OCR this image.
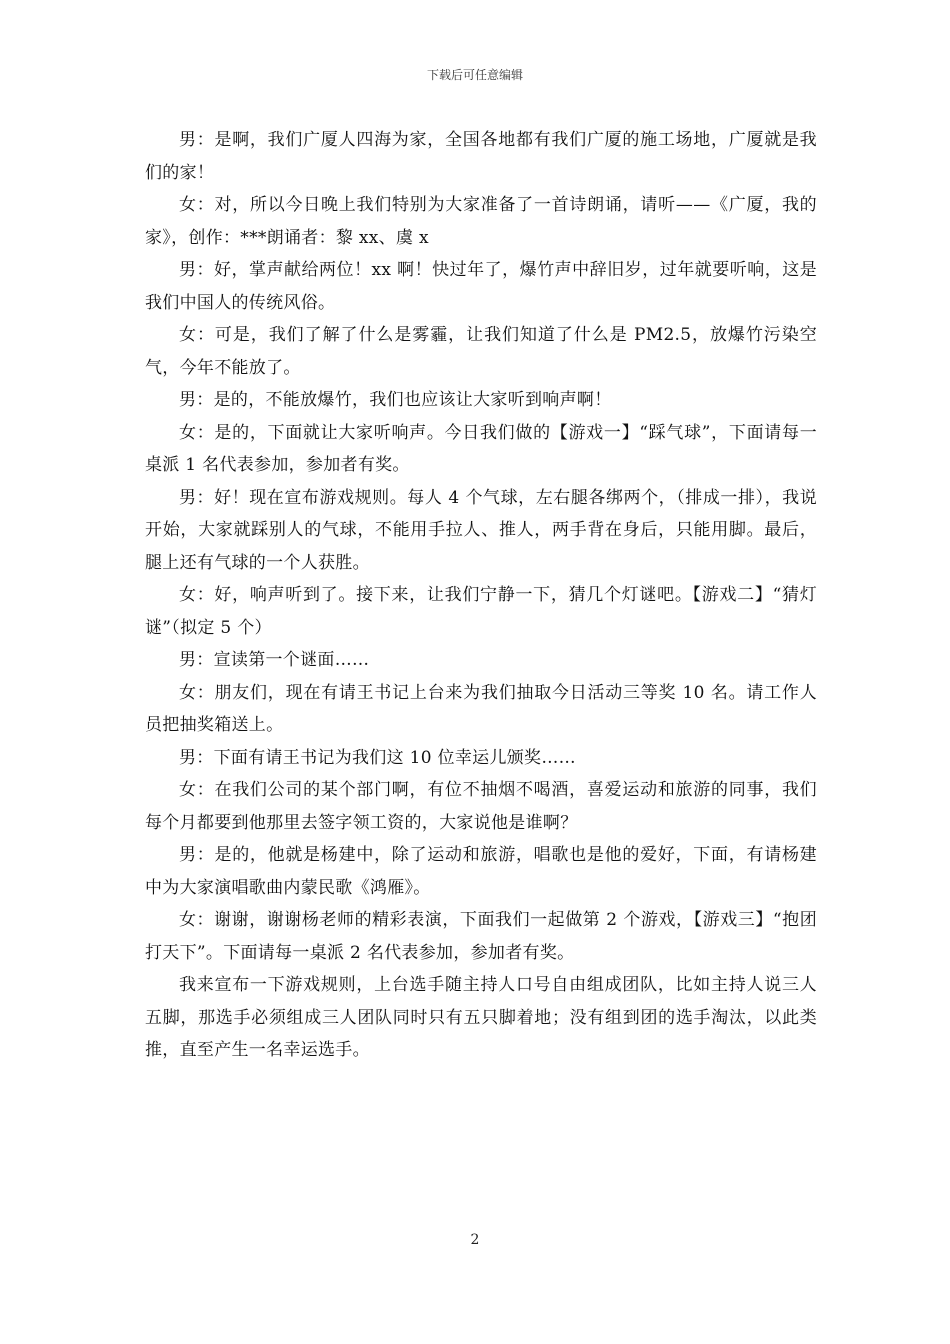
下载后可任意编辑

男：是啊，我们广厦人四海为家，全国各地都有我们广厦的施工场地，广厦就是我们的家！

女：对，所以今日晚上我们特别为大家准备了一首诗朗诵，请听——《广厦，我的家》，创作：***朗诵者：黎 xx、虞 x

男：好，掌声献给两位！xx 啊！快过年了，爆竹声中辞旧岁，过年就要听响，这是我们中国人的传统风俗。

女：可是，我们了解了什么是雾霾，让我们知道了什么是 PM2.5，放爆竹污染空气，今年不能放了。

男：是的，不能放爆竹，我们也应该让大家听到响声啊！

女：是的，下面就让大家听响声。今日我们做的【游戏一】“踩气球”，下面请每一桌派 1 名代表参加，参加者有奖。

男：好！现在宣布游戏规则。每人 4 个气球，左右腿各绑两个，（排成一排），我说开始，大家就踩别人的气球，不能用手拉人、推人，两手背在身后，只能用脚。最后，腿上还有气球的一个人获胜。

女：好，响声听到了。接下来，让我们宁静一下，猜几个灯谜吧。【游戏二】“猜灯谜”（拟定 5 个）

男：宣读第一个谜面……

女：朋友们，现在有请王书记上台来为我们抽取今日活动三等奖 10 名。请工作人员把抽奖箱送上。

男：下面有请王书记为我们这 10 位幸运儿颁奖……

女：在我们公司的某个部门啊，有位不抽烟不喝酒，喜爱运动和旅游的同事，我们每个月都要到他那里去签字领工资的，大家说他是谁啊？

男：是的，他就是杨建中，除了运动和旅游，唱歌也是他的爱好，下面，有请杨建中为大家演唱歌曲内蒙民歌《鸿雁》。

女：谢谢，谢谢杨老师的精彩表演，下面我们一起做第 2 个游戏，【游戏三】“抱团打天下”。下面请每一桌派 2 名代表参加，参加者有奖。

我来宣布一下游戏规则，上台选手随主持人口号自由组成团队，比如主持人说三人五脚，那选手必须组成三人团队同时只有五只脚着地；没有组到团的选手淘汰，以此类推，直至产生一名幸运选手。

2
